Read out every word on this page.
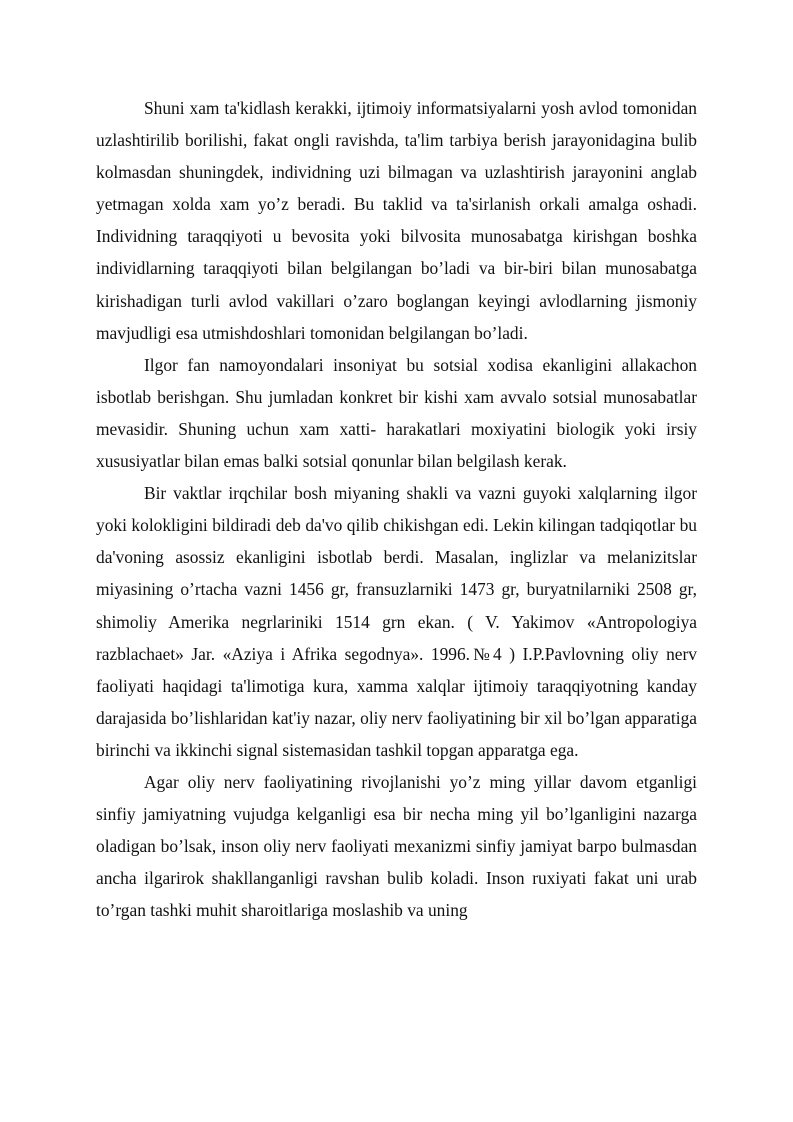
Shuni xam ta'kidlash kerakki, ijtimoiy informatsiyalarni yosh avlod tomonidan uzlashtirilib borilishi, fakat ongli ravishda, ta'lim tarbiya berish jarayonidagina bulib kolmasdan shuningdek, individning uzi bilmagan va uzlashtirish jarayonini anglab yetmagan xolda xam yo’z beradi. Bu taklid va ta'sirlanish orkali amalga oshadi. Individning taraqqiyoti u bevosita yoki bilvosita munosabatga kirishgan boshka individlarning taraqqiyoti bilan belgilangan bo’ladi va bir-biri bilan munosabatga kirishadigan turli avlod vakillari o’zaro boglangan keyingi avlodlarning jismoniy mavjudligi esa utmishdoshlari tomonidan belgilangan bo’ladi.

Ilgor fan namoyondalari insoniyat bu sotsial xodisa ekanligini allakachon isbotlab berishgan. Shu jumladan konkret bir kishi xam avvalo sotsial munosabatlar mevasidir. Shuning uchun xam xatti- harakatlari moxiyatini biologik yoki irsiy xususiyatlar bilan emas balki sotsial qonunlar bilan belgilash kerak.

Bir vaktlar irqchilar bosh miyaning shakli va vazni guyoki xalqlarning ilgor yoki kolokligini bildiradi deb da'vo qilib chikishgan edi. Lekin kilingan tadqiqotlar bu da'voning asossiz ekanligini isbotlab berdi. Masalan, inglizlar va melanizitslar miyasining o’rtacha vazni 1456 gr, fransuzlarniki 1473 gr, buryatnilarniki 2508 gr, shimoliy Amerika negrlariniki 1514 grn ekan. ( V. Yakimov «Antropologiya razblachaet» Jar. «Aziya i Afrika segodnya». 1996.№4 ) I.P.Pavlovning oliy nerv faoliyati haqidagi ta'limotiga kura, xamma xalqlar ijtimoiy taraqqiyotning kanday darajasida bo’lishlaridan kat'iy nazar, oliy nerv faoliyatining bir xil bo’lgan apparatiga birinchi va ikkinchi signal sistemasidan tashkil topgan apparatga ega.

Agar oliy nerv faoliyatining rivojlanishi yo’z ming yillar davom etganligi sinfiy jamiyatning vujudga kelganligi esa bir necha ming yil bo’lganligini nazarga oladigan bo’lsak, inson oliy nerv faoliyati mexanizmi sinfiy jamiyat barpo bulmasdan ancha ilgarirok shakllanganligi ravshan bulib koladi. Inson ruxiyati fakat uni urab to’rgan tashki muhit sharoitlariga moslashib va uning
